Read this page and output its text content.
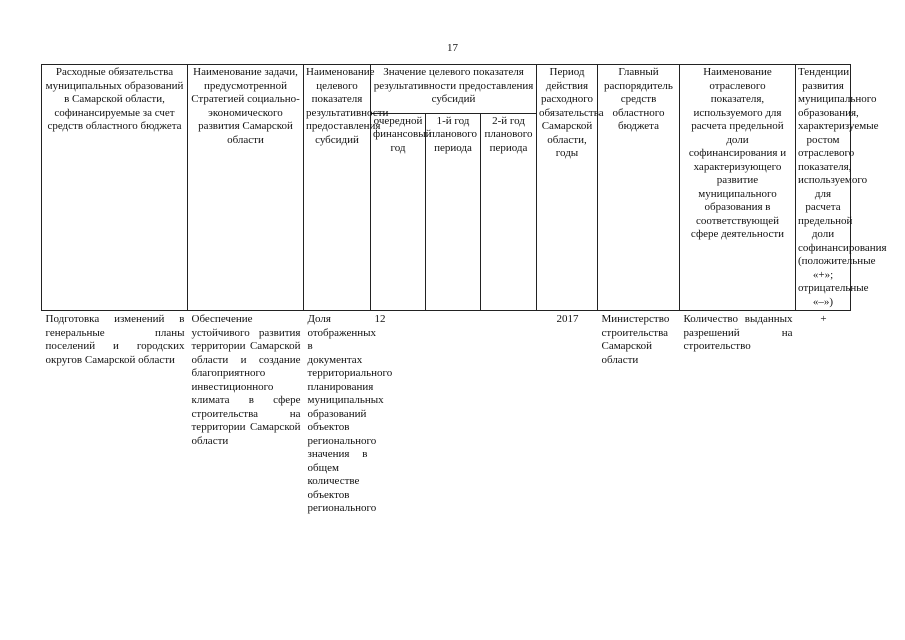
17
Расходные обязательства муниципальных образований в Самарской области, софинансируемые за счет средств областного бюджета	Наименование задачи, предусмотренной Стратегией социально-экономического развития Самарской области	Наименование целевого показателя результативности предоставления субсидий	Значение целевого показателя результативности предоставления субсидий			Период действия расходного обязательства Самарской области, годы	Главный распорядитель средств областного бюджета	Наименование отраслевого показателя, используемого для расчета предельной доли софинансирования и характеризующего развитие муниципального образования в соответствующей сфере деятельности	Тенденции развития муниципального образования, характеризуемые ростом отраслевого показателя, используемого для расчета предельной доли софинансирования (положительные «+»; отрицательные «–»)
			очередной финансовый год	1-й год планового периода	2-й год планового периода				
Подготовка изменений в генеральные планы поселений и городских округов Самарской области	Обеспечение устойчивого развития территории Самарской области и создание благоприятного инвестиционного климата в сфере строительства на территории Самарской области	Доля отображенных в документах территориального планирования муниципальных образований объектов регионального значения в общем количестве объектов регионального	12			2017	Министерство строительства Самарской области	Количество выданных разрешений на строительство	+
